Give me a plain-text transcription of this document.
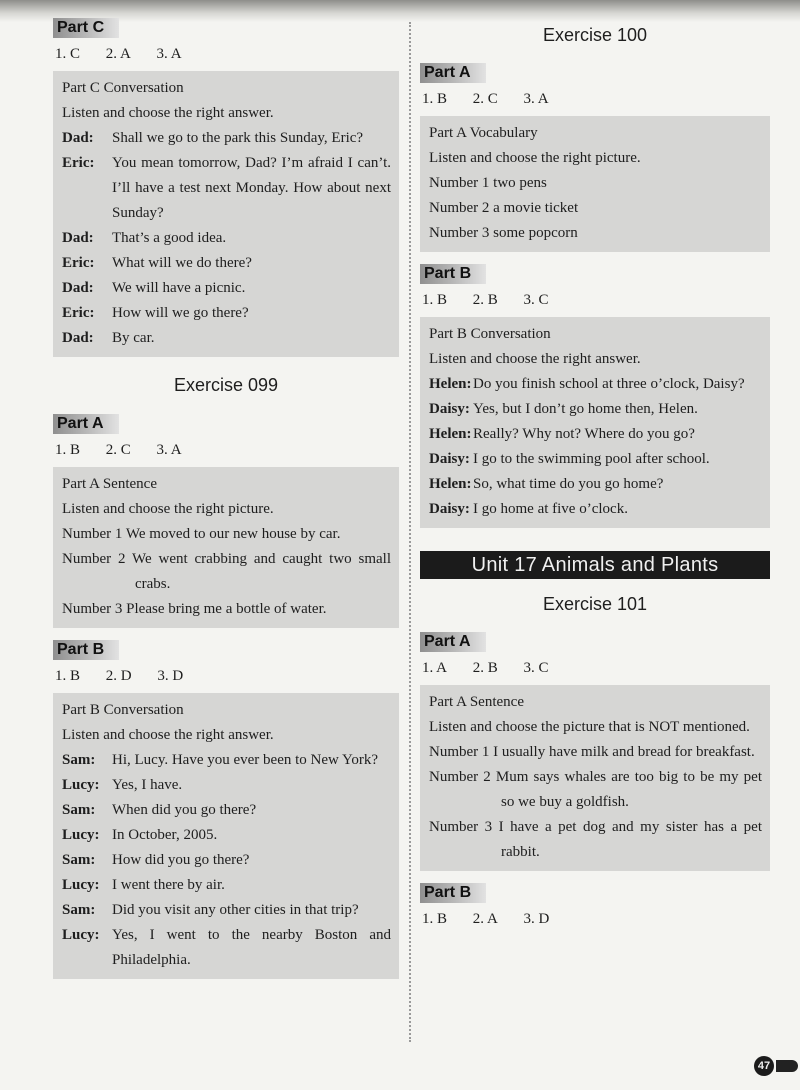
Part C
1. C 2. A 3. A
Part C Conversation
Listen and choose the right answer.
Dad:	Shall we go to the park this Sunday, Eric?
Eric:	You mean tomorrow, Dad? I’m afraid I can’t. I’ll have a test next Monday. How about next Sunday?
Dad:	That’s a good idea.
Eric:	What will we do there?
Dad:	We will have a picnic.
Eric:	How will we go there?
Dad:	By car.
Exercise 099
Part A
1. B 2. C 3. A
Part A Sentence
Listen and choose the right picture.
Number 1 We moved to our new house by car.
Number 2 We went crabbing and caught two small crabs.
Number 3 Please bring me a bottle of water.
Part B
1. B 2. D 3. D
Part B Conversation
Listen and choose the right answer.
Sam:	Hi, Lucy. Have you ever been to New York?
Lucy: Yes, I have.
Sam:	When did you go there?
Lucy: In October, 2005.
Sam:	How did you go there?
Lucy: I went there by air.
Sam:	Did you visit any other cities in that trip?
Lucy: Yes, I went to the nearby Boston and Philadelphia.
Exercise 100
Part A
1. B 2. C 3. A
Part A Vocabulary
Listen and choose the right picture.
Number 1 two pens
Number 2 a movie ticket
Number 3 some popcorn
Part B
1. B 2. B 3. C
Part B Conversation
Listen and choose the right answer.
Helen: Do you finish school at three o’clock, Daisy?
Daisy: Yes, but I don’t go home then, Helen.
Helen: Really? Why not? Where do you go?
Daisy: I go to the swimming pool after school.
Helen: So, what time do you go home?
Daisy: I go home at five o’clock.
Unit 17 Animals and Plants
Exercise 101
Part A
1. A 2. B 3. C
Part A Sentence
Listen and choose the picture that is NOT mentioned.
Number 1 I usually have milk and bread for breakfast.
Number 2 Mum says whales are too big to be my pet so we buy a goldfish.
Number 3 I have a pet dog and my sister has a pet rabbit.
Part B
1. B 2. A 3. D
47
